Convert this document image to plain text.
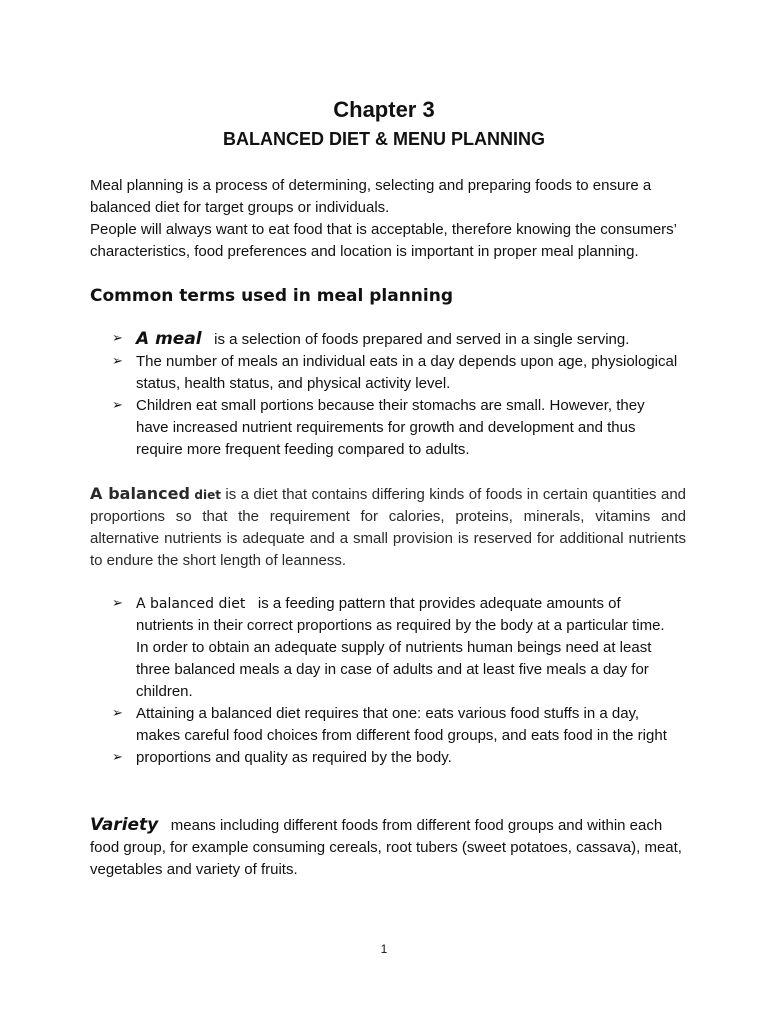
Chapter 3
BALANCED DIET & MENU PLANNING

Meal planning is a process of determining, selecting and preparing foods to ensure a balanced diet for target groups or individuals.

People will always want to eat food that is acceptable, therefore knowing the consumers’ characteristics, food preferences and location is important in proper meal planning.

Common terms used in meal planning
➢ A meal is a selection of foods prepared and served in a single serving.
➢ The number of meals an individual eats in a day depends upon age, physiological status, health status, and physical activity level.
➢ Children eat small portions because their stomachs are small. However, they have increased nutrient requirements for growth and development and thus require more frequent feeding compared to adults.
A balanced diet is a diet that contains differing kinds of foods in certain quantities and proportions so that the requirement for calories, proteins, minerals, vitamins and alternative nutrients is adequate and a small provision is reserved for additional nutrients to endure the short length of leanness.
➢ A balanced diet is a feeding pattern that provides adequate amounts of nutrients in their correct proportions as required by the body at a particular time. In order to obtain an adequate supply of nutrients human beings need at least three balanced meals a day in case of adults and at least five meals a day for children.
➢ Attaining a balanced diet requires that one: eats various food stuffs in a day, makes careful food choices from different food groups, and eats food in the right
➢ proportions and quality as required by the body.
Variety means including different foods from different food groups and within each food group, for example consuming cereals, root tubers (sweet potatoes, cassava), meat, vegetables and variety of fruits.
1
